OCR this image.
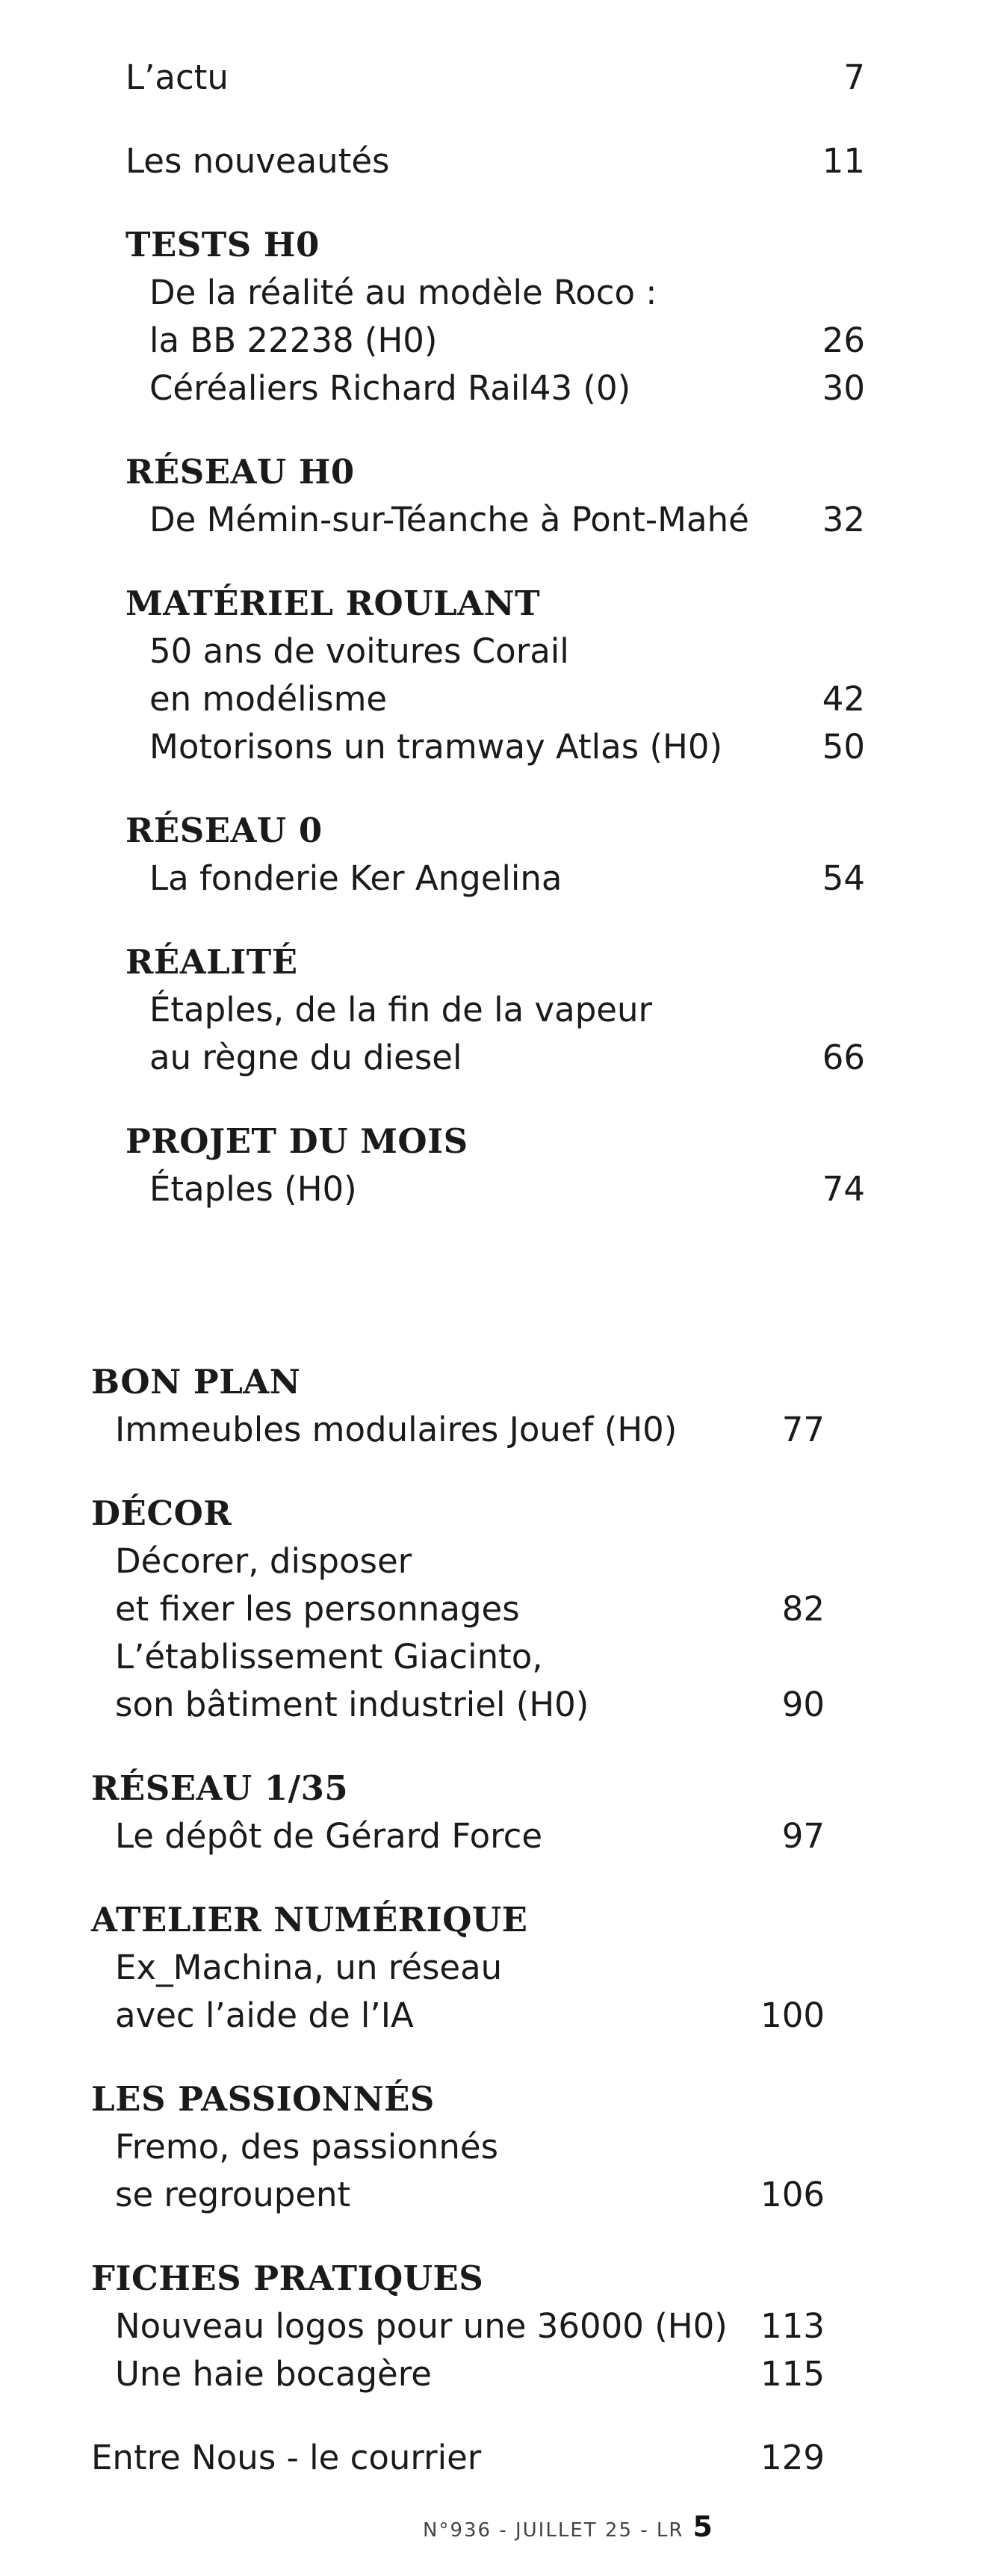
L’actu	7
Les nouveautés	11
TESTS H0
De la réalité au modèle Roco :
la BB 22238 (H0)	26
Céréaliers Richard Rail43 (0)	30
RÉSEAU H0
De Mémin-sur-Téanche à Pont-Mahé 32
MATÉRIEL ROULANT
50 ans de voitures Corail
en modélisme	42
Motorisons un tramway Atlas (H0)	50
RÉSEAU 0
La fonderie Ker Angelina	54
RÉALITÉ
Étaples, de la fin de la vapeur
au règne du diesel	66
PROJET DU MOIS
Étaples (H0)	74
BON PLAN
Immeubles modulaires Jouef (H0)	77
DÉCOR
Décorer, disposer
et fixer les personnages	82
L’établissement Giacinto,
son bâtiment industriel (H0)	90
RÉSEAU 1/35
Le dépôt de Gérard Force	97
ATELIER NUMÉRIQUE
Ex_Machina, un réseau
avec l’aide de l’IA	100
LES PASSIONNÉS
Fremo, des passionnés
se regroupent	106
FICHES PRATIQUES
Nouveau logos pour une 36000 (H0) 113
Une haie bocagère	115
Entre Nous - le courrier	129
N°936 - JUILLET 25 - LR 5
